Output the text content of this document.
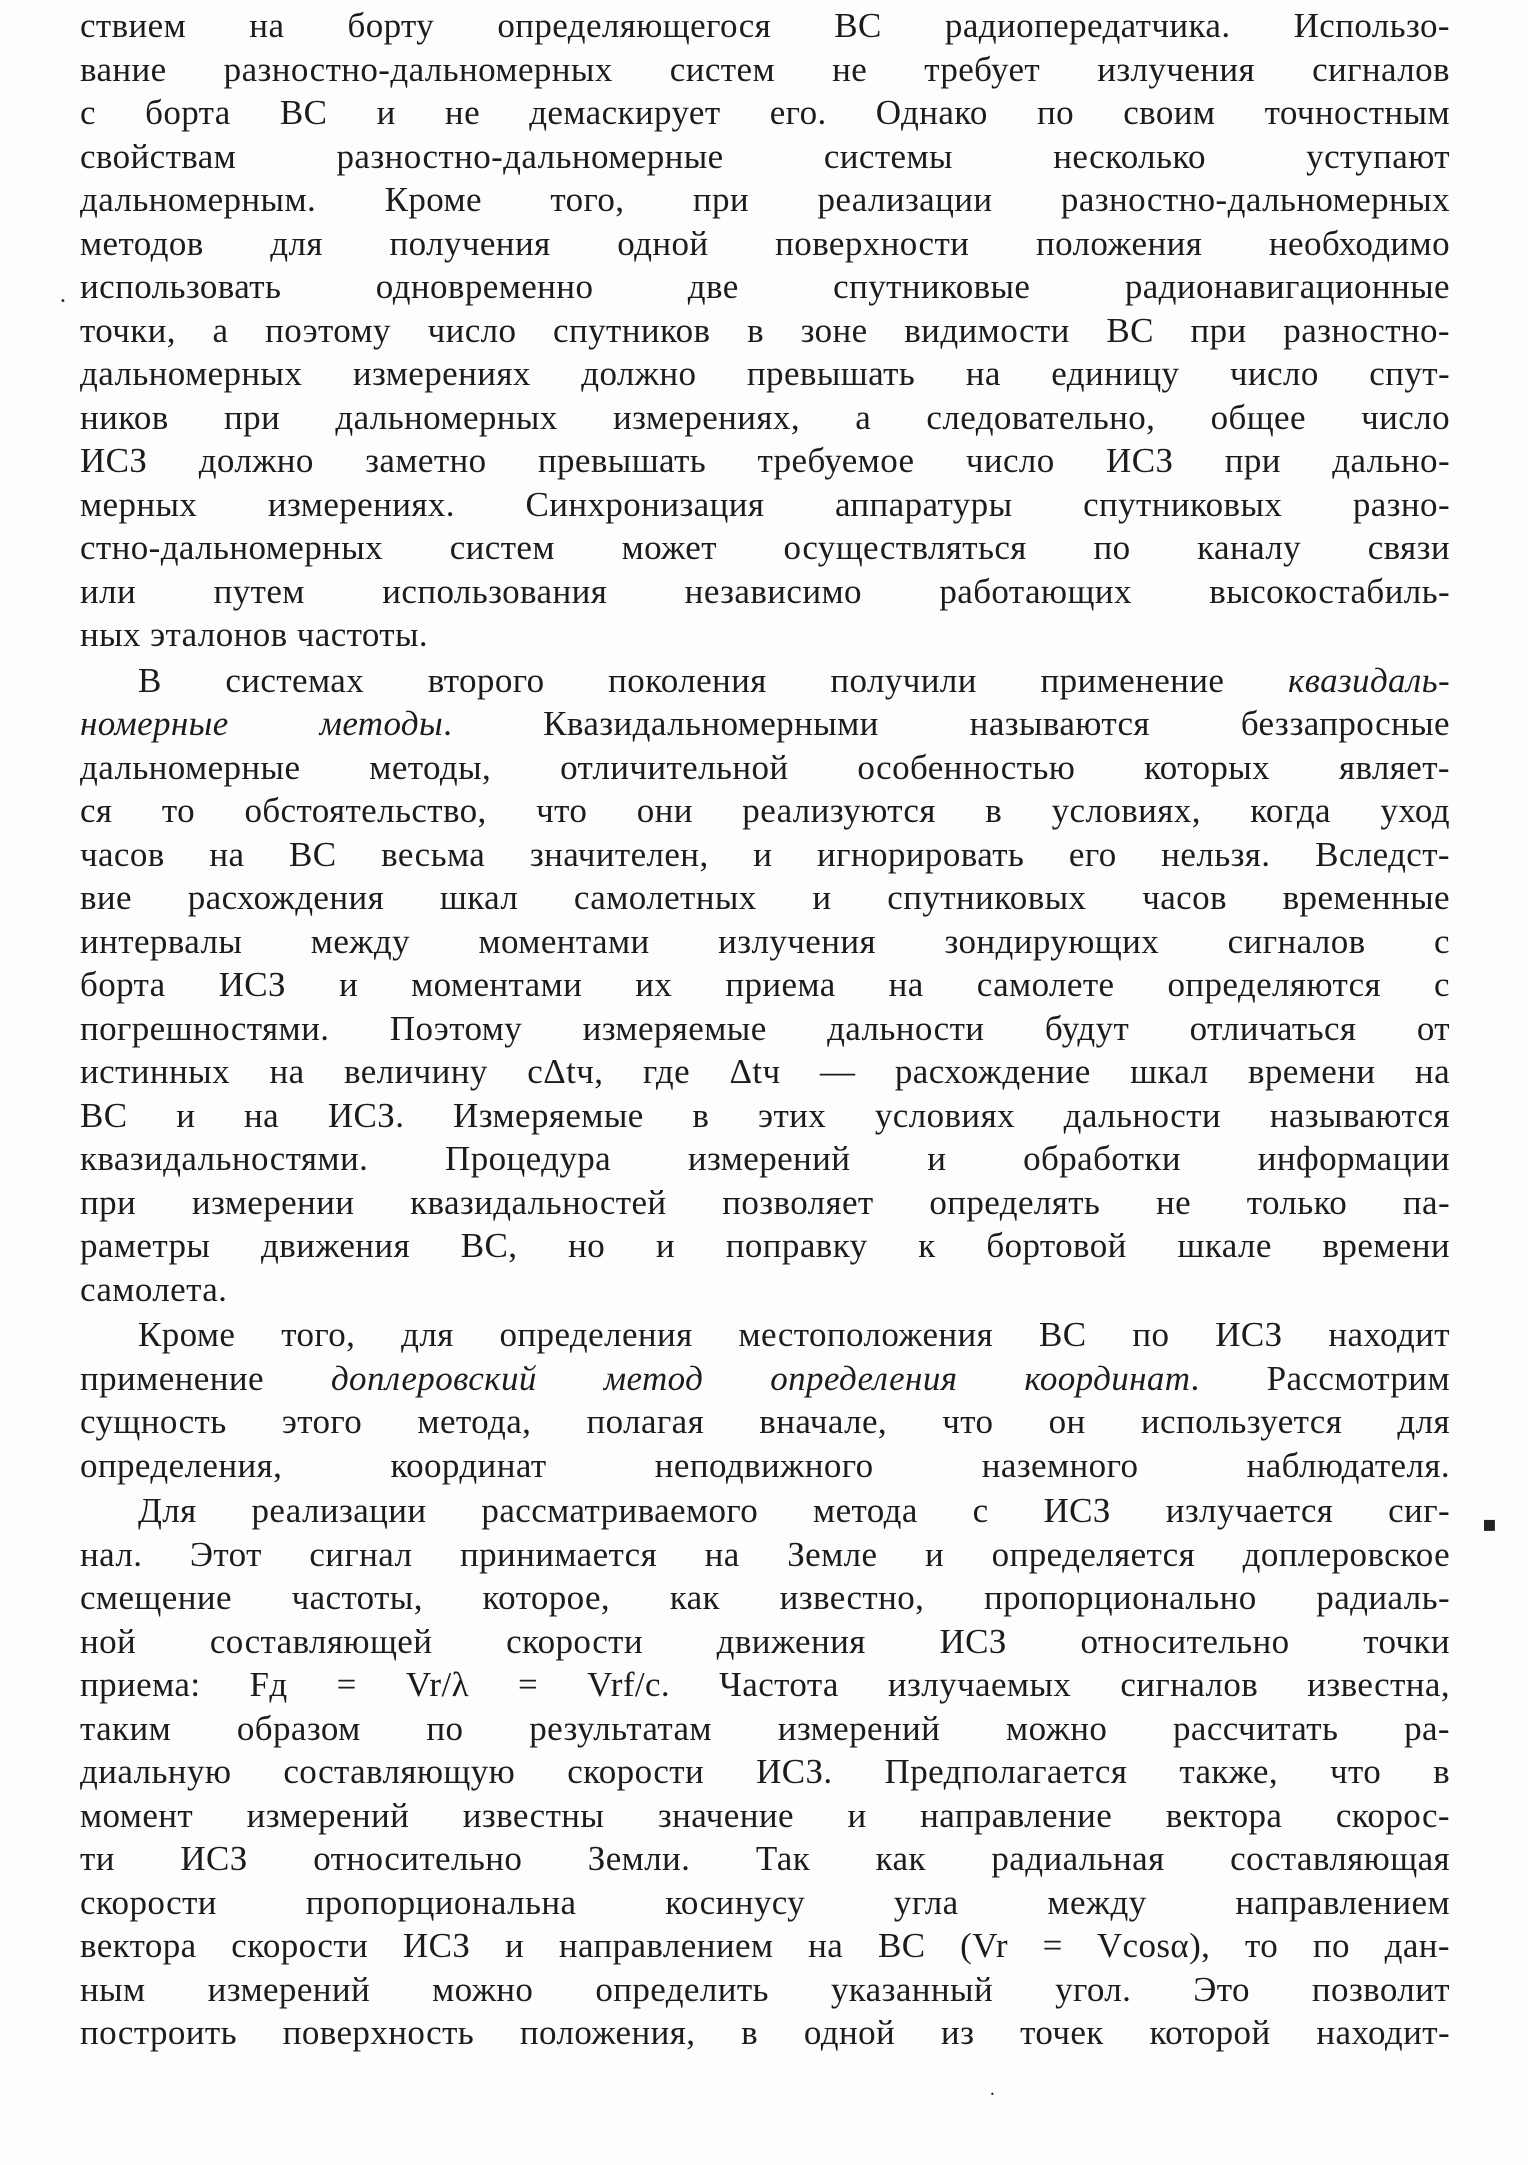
ствием на борту определяющегося ВС радиопередатчика. Использо-
вание разностно-дальномерных систем не требует излучения сигналов
с борта ВС и не демаскирует его. Однако по своим точностным
свойствам разностно-дальномерные системы несколько уступают
дальномерным. Кроме того, при реализации разностно-дальномерных
методов для получения одной поверхности положения необходимо
использовать одновременно две спутниковые радионавигационные
точки, а поэтому число спутников в зоне видимости ВС при разностно-
дальномерных измерениях должно превышать на единицу число спут-
ников при дальномерных измерениях, а следовательно, общее число
ИСЗ должно заметно превышать требуемое число ИСЗ при дально-
мерных измерениях. Синхронизация аппаратуры спутниковых разно-
стно-дальномерных систем может осуществляться по каналу связи
или путем использования независимо работающих высокостабиль-
ных эталонов частоты.
В системах второго поколения получили применение квазидаль-
номерные методы. Квазидальномерными называются беззапросные
дальномерные методы, отличительной особенностью которых являет-
ся то обстоятельство, что они реализуются в условиях, когда уход
часов на ВС весьма значителен, и игнорировать его нельзя. Вследст-
вие расхождения шкал самолетных и спутниковых часов временные
интервалы между моментами излучения зондирующих сигналов с
борта ИСЗ и моментами их приема на самолете определяются с
погрешностями. Поэтому измеряемые дальности будут отличаться от
истинных на величину cΔtч, где Δtч — расхождение шкал времени на
ВС и на ИСЗ. Измеряемые в этих условиях дальности называются
квазидальностями. Процедура измерений и обработки информации
при измерении квазидальностей позволяет определять не только па-
раметры движения ВС, но и поправку к бортовой шкале времени
самолета.
Кроме того, для определения местоположения ВС по ИСЗ находит
применение доплеровский метод определения координат. Рассмотрим
сущность этого метода, полагая вначале, что он используется для
определения, координат неподвижного наземного наблюдателя.
Для реализации рассматриваемого метода с ИСЗ излучается сиг-
нал. Этот сигнал принимается на Земле и определяется доплеровское
смещение частоты, которое, как известно, пропорционально радиаль-
ной составляющей скорости движения ИСЗ относительно точки
приема: Fд = Vr/λ = Vrf/c. Частота излучаемых сигналов известна,
таким образом по результатам измерений можно рассчитать ра-
диальную составляющую скорости ИСЗ. Предполагается также, что в
момент измерений известны значение и направление вектора скорос-
ти ИСЗ относительно Земли. Так как радиальная составляющая
скорости пропорциональна косинусу угла между направлением
вектора скорости ИСЗ и направлением на ВС (Vr = Vcosα), то по дан-
ным измерений можно определить указанный угол. Это позволит
построить поверхность положения, в одной из точек которой находит-
▪
•
•
